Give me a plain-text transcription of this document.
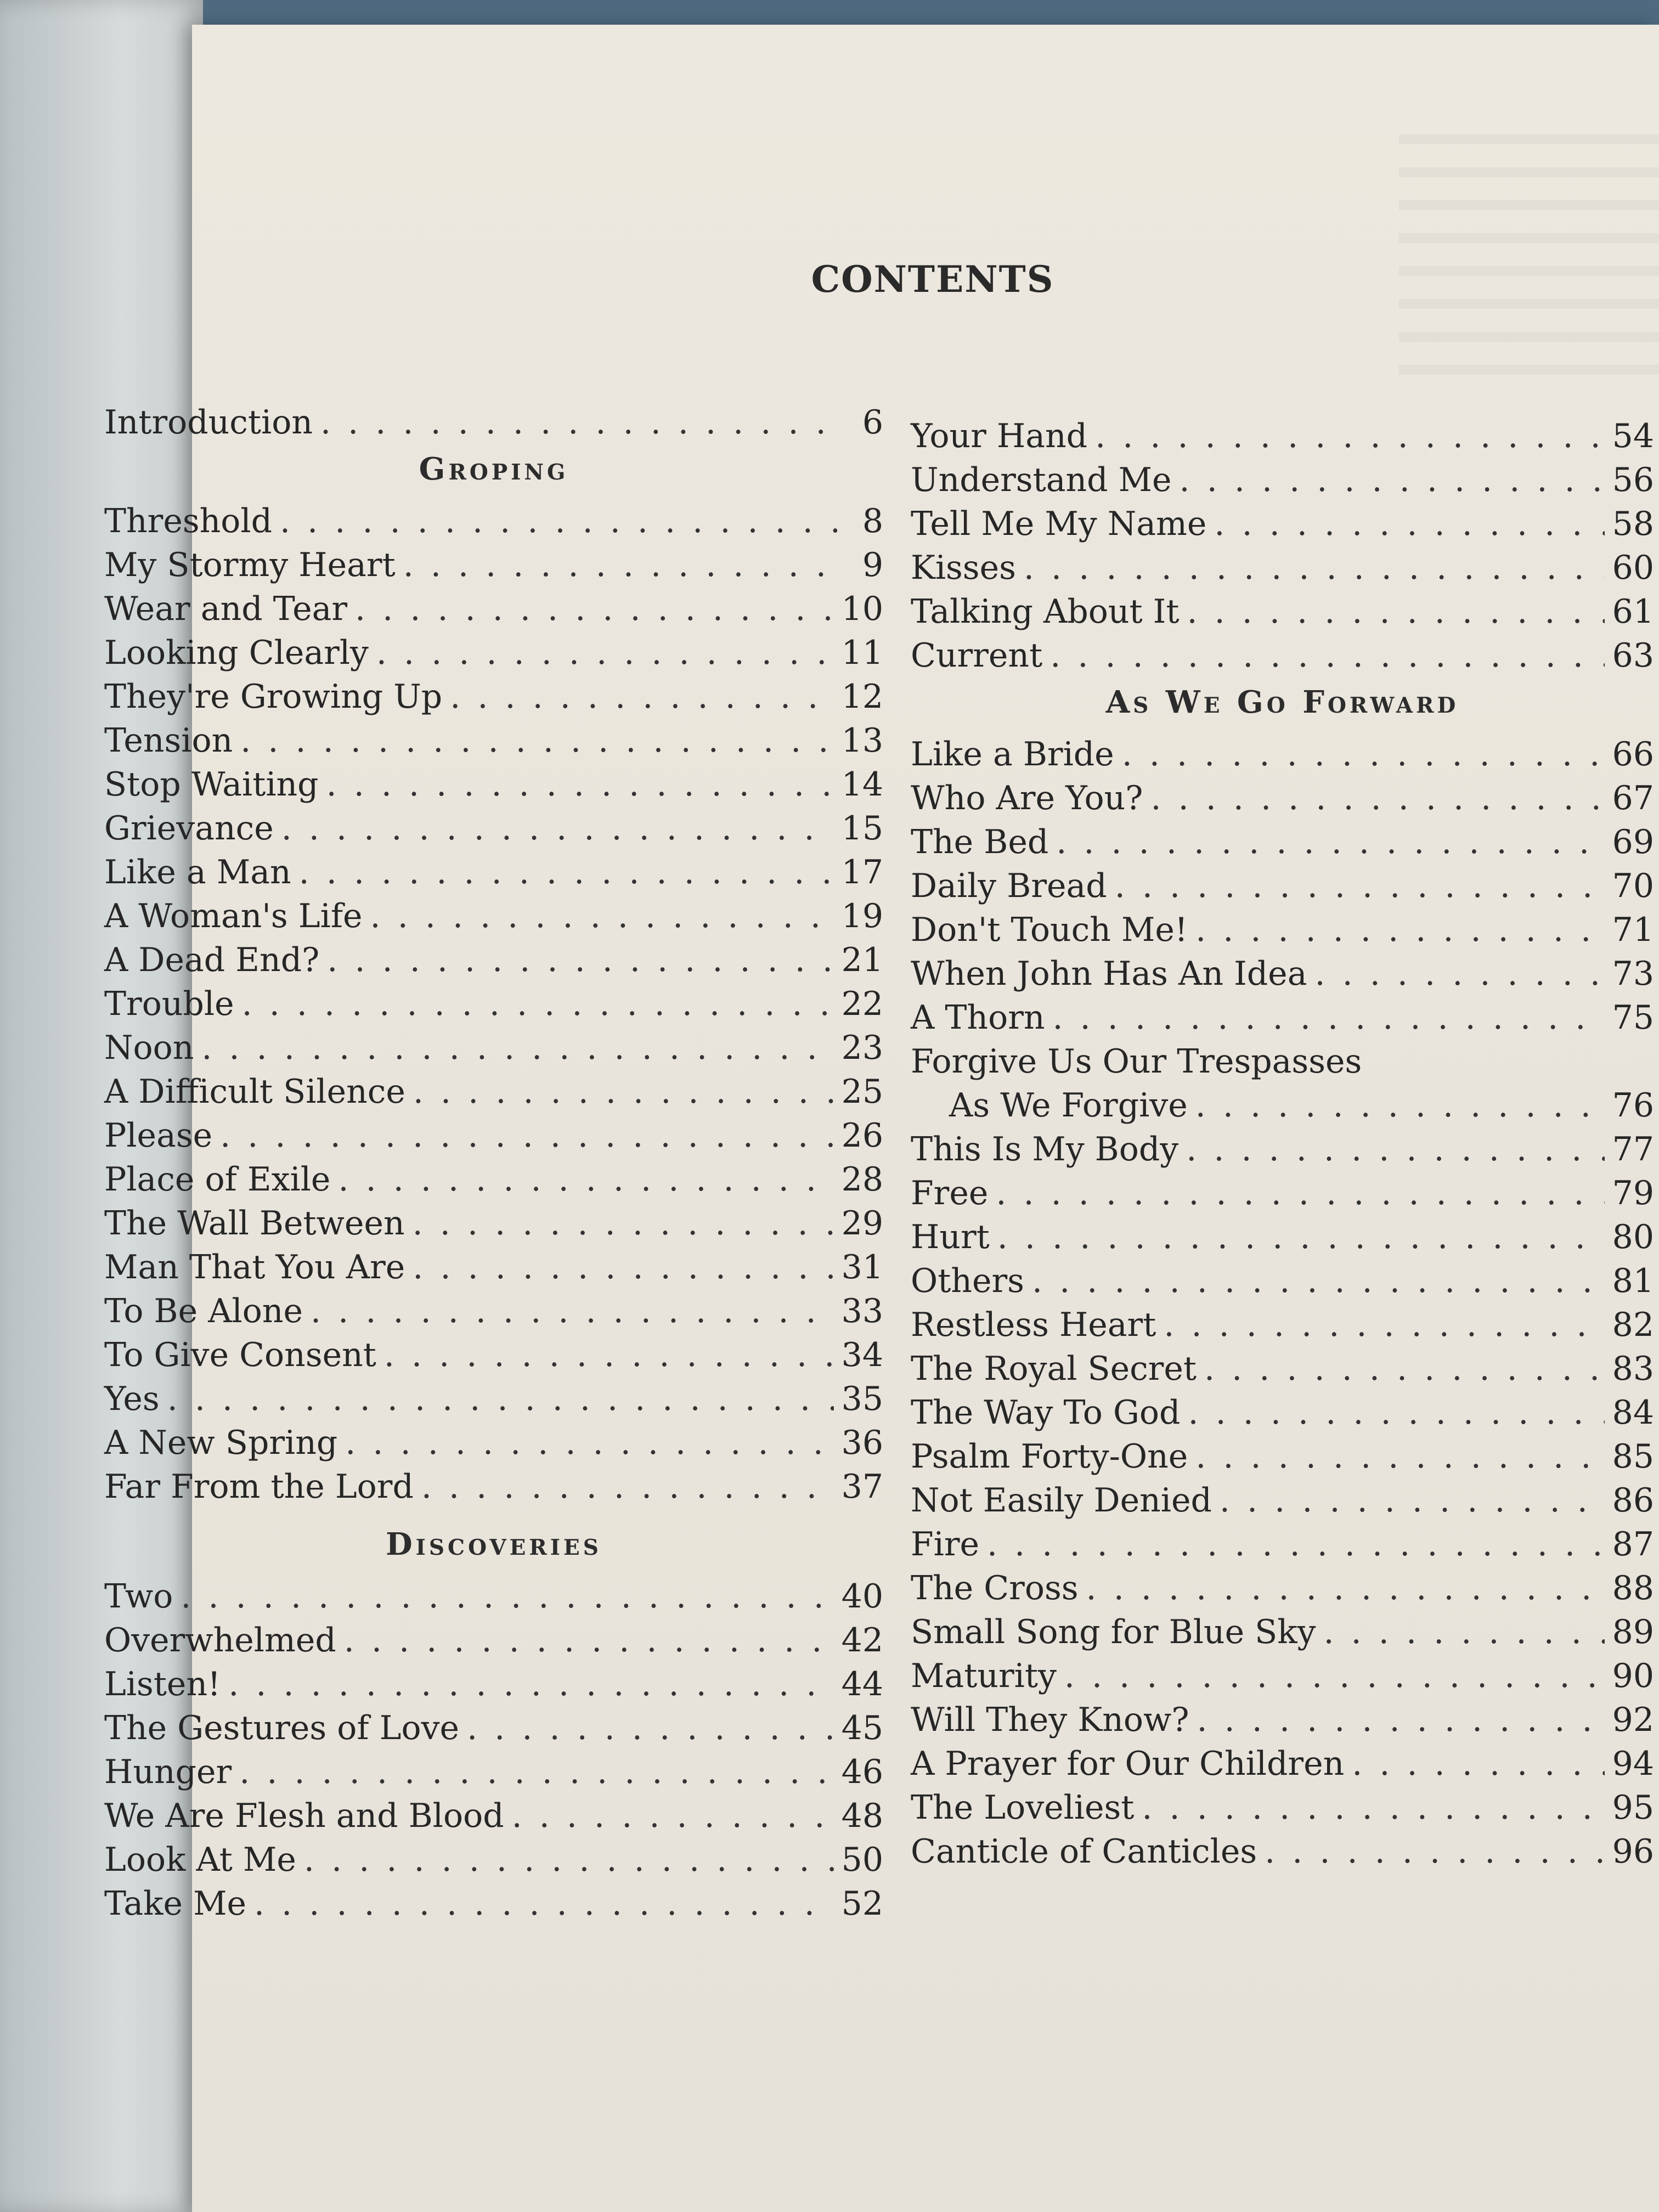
CONTENTS
Introduction . . .	6
Groping
Threshold . . .	8
My Stormy Heart . . .	9
Wear and Tear . . .	10
Looking Clearly . . .	11
They're Growing Up . . .	12
Tension . . .	13
Stop Waiting . . .	14
Grievance . . .	15
Like a Man . . .	17
A Woman's Life . . .	19
A Dead End? . . .	21
Trouble . . .	22
Noon . . .	23
A Difficult Silence . . .	25
Please . . .	26
Place of Exile . . .	28
The Wall Between . . .	29
Man That You Are . . .	31
To Be Alone . . .	33
To Give Consent . . .	34
Yes . . .	35
A New Spring . . .	36
Far From the Lord . . .	37
Discoveries
Two . . .	40
Overwhelmed . . .	42
Listen! . . .	44
The Gestures of Love . . .	45
Hunger . . .	46
We Are Flesh and Blood . . .	48
Look At Me . . .	50
Take Me . . .	52
Your Hand . . .	54
Understand Me . . .	56
Tell Me My Name . . .	58
Kisses . . .	60
Talking About It . . .	61
Current . . .	63
As We Go Forward
Like a Bride . . .	66
Who Are You? . . .	67
The Bed . . .	69
Daily Bread . . .	70
Don't Touch Me! . . .	71
When John Has An Idea . . .	73
A Thorn . . .	75
Forgive Us Our Trespasses
As We Forgive . . .	76
This Is My Body . . .	77
Free . . .	79
Hurt . . .	80
Others . . .	81
Restless Heart . . .	82
The Royal Secret . . .	83
The Way To God . . .	84
Psalm Forty-One . . .	85
Not Easily Denied . . .	86
Fire . . .	87
The Cross . . .	88
Small Song for Blue Sky . . .	89
Maturity . . .	90
Will They Know? . . .	92
A Prayer for Our Children . . .	94
The Loveliest . . .	95
Canticle of Canticles . . .	96
